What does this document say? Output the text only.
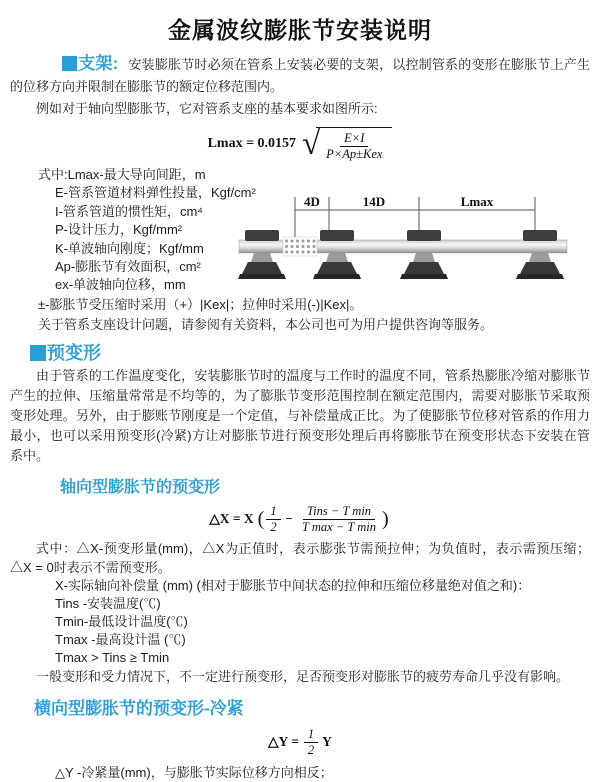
金属波纹膨胀节安装说明

支架: 安装膨胀节时必须在管系上安装必要的支架，以控制管系的变形在膨胀节上产生的位移方向并限制在膨胀节的额定位移范围内。

例如对于轴向型膨胀节，它对管系支座的基本要求如图所示:

Lmax = 0.0157 √ $\frac{E\times I}{\text{P×Ap±Kex}}$
式中:Lmax-最大导向间距，m
E-管系管道材料弹性投量，Kgf/cm²
I-管系管道的惯性矩，cm⁴
P-设计压力，Kgf/mm²
K-单波轴向刚度；Kgf/mm
Ap-膨胀节有效面积，cm²
ex-单波轴向位移，mm
4D	14D	Lmax

±-膨胀节受压缩时采用（+）|Kex|；拉伸时采用(-)|Kex|。

关于管系支座设计问题，请参阅有关资料，本公司也可为用户提供咨询等服务。

预变形

由于管系的工作温度变化，安装膨胀节时的温度与工作时的温度不同，管系热膨胀冷缩对膨胀节产生的拉伸、压缩量常常是不均等的，为了膨胀节变形范围控制在额定范围内，需要对膨胀节采取预变形处理。另外，由于膨账节刚度是一个定值，与补偿量成正比。为了使膨胀节位移对管系的作用力最小，也可以采用预变形(冷紧)方让对膨胀节进行预变形处理后再将膨胀节在预变形状态下安装在管系中。

轴向型膨胀节的预变形
△X = X ( $\frac{1}{2} - \frac{\text{Tins − T min}}{\text{T max − T min}}$ )

式中：△X-预变形量(mm)，△X为正值时，表示膨张节需预拉伸；为负值时，表示需预压缩；△X = 0时表示不需预变形。

X-实际轴向补偿量 (mm) (相对于膨胀节中间状态的拉伸和压缩位移量绝对值之和)：

Tins -安装温度(℃)

Tmin-最低设计温度(℃)

Tmax -最高设计温 (℃)

Tmax > Tins ≥ Tmin

一般变形和受力情况下，不一定进行预变形，足否预变形对膨胀节的疲劳寿命几乎没有影响。

横向型膨胀节的预变形-冷紧
△Y = $\frac{1}{2}$ Y

△Y -冷紧量(mm)，与膨胀节实际位移方向相反；
